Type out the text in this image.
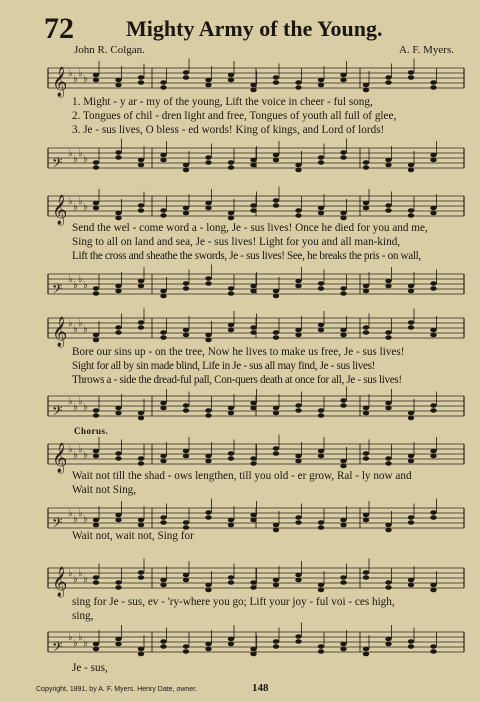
72 Mighty Army of the Young.
John R. Colgan.	A. F. Myers.
𝄞 ♭
♭
♭
♭
1. Might - y ar - my of the young, Lift the voice in cheer - ful song,
2. Tongues of chil - dren light and free, Tongues of youth all full of glee,
3. Je - sus lives, O bless - ed words! King of kings, and Lord of lords!
𝄢
♭
♭
♭
♭
𝄞 ♭
♭
♭
♭
Send the wel - come word a - long, Je - sus lives! Once he died for you and me,
Sing to all on land and sea, Je - sus lives! Light for you and all man-kind,
Lift the cross and sheathe the swords, Je - sus lives! See, he breaks the pris - on wall,
𝄢
♭
♭
♭
♭
𝄞 ♭
♭
♭
♭
Bore our sins up - on the tree, Now he lives to make us free, Je - sus lives!
Sight for all by sin made blind, Life in Je - sus all may find, Je - sus lives!
Throws a - side the dread-ful pall, Con-quers death at once for all, Je - sus lives!
𝄢
♭
♭
♭
♭
Chorus.
𝄞 ♭
♭
♭
♭
Wait not till the shad - ows lengthen, till you old - er grow, Ral - ly now and
Wait not Sing,
𝄢
♭
♭
♭
♭
Wait not, wait not, Sing for
𝄞 ♭
♭
♭
♭
sing for Je - sus, ev - 'ry-where you go; Lift your joy - ful voi - ces high,
sing,
𝄢
♭
♭
♭
♭
Je - sus,
Copyright, 1891, by A. F. Myers. Henry Date, owner.	148
